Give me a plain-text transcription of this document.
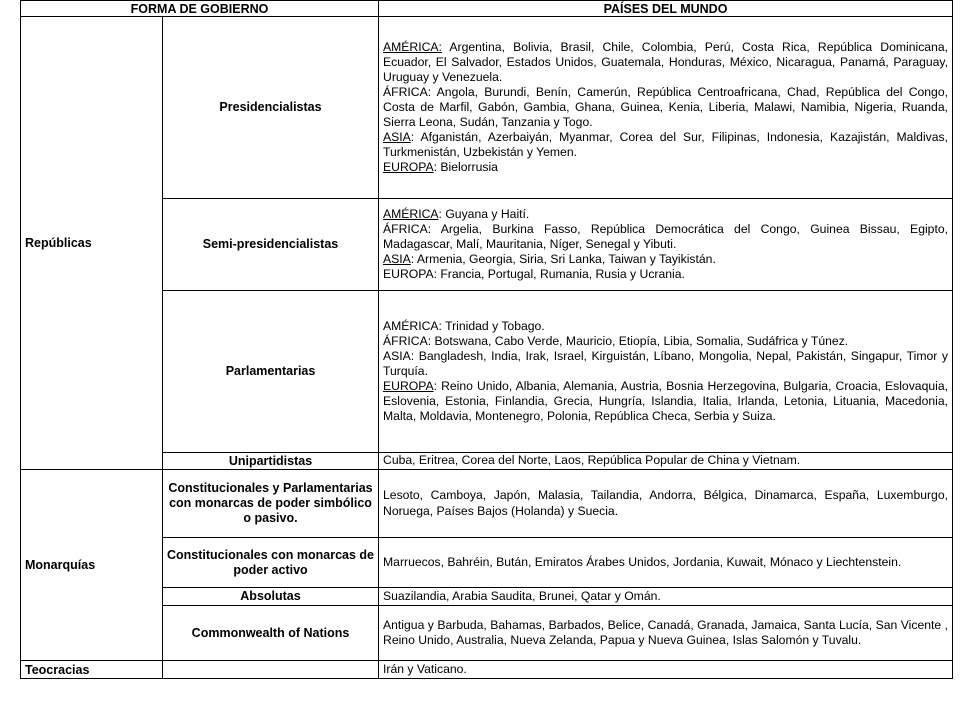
FORMA DE GOBIERNO		PAÍSES DEL MUNDO
Repúblicas	Presidencialistas	AMÉRICA: Argentina, Bolivia, Brasil, Chile, Colombia, Perú, Costa Rica, República Dominicana, Ecuador, El Salvador, Estados Unidos, Guatemala, Honduras, México, Nicaragua, Panamá, Paraguay, Uruguay y Venezuela.

ÁFRICA: Angola, Burundi, Benín, Camerún, República Centroafricana, Chad, República del Congo, Costa de Marfil, Gabón, Gambia, Ghana, Guinea, Kenia, Liberia, Malawi, Namibia, Nigeria, Ruanda, Sierra Leona, Sudán, Tanzania y Togo.

ASIA: Afganistán, Azerbaiyán, Myanmar, Corea del Sur, Filipinas, Indonesia, Kazajistán, Maldivas, Turkmenistán, Uzbekistán y Yemen.

EUROPA: Bielorrusia

	Semi-presidencialistas	AMÉRICA: Guyana y Haití.

ÁFRICA: Argelia, Burkina Fasso, República Democrática del Congo, Guinea Bissau, Egipto, Madagascar, Malí, Mauritania, Níger, Senegal y Yibuti.

ASIA: Armenia, Georgia, Siria, Sri Lanka, Taiwan y Tayikistán.

EUROPA: Francia, Portugal, Rumania, Rusia y Ucrania.

	Parlamentarias	AMÉRICA: Trinidad y Tobago.

ÁFRICA: Botswana, Cabo Verde, Mauricio, Etiopía, Libia, Somalia, Sudáfrica y Túnez.

ASIA: Bangladesh, India, Irak, Israel, Kirguistán, Líbano, Mongolia, Nepal, Pakistán, Singapur, Timor y Turquía.

EUROPA: Reino Unido, Albania, Alemania, Austria, Bosnia Herzegovina, Bulgaria, Croacia, Eslovaquia, Eslovenia, Estonia, Finlandia, Grecia, Hungría, Islandia, Italia, Irlanda, Letonia, Lituania, Macedonia, Malta, Moldavia, Montenegro, Polonia, República Checa, Serbia y Suiza.

	Unipartidistas	Cuba, Eritrea, Corea del Norte, Laos, República Popular de China y Vietnam.
Monarquías	Constitucionales y Parlamentarias con monarcas de poder simbólico o pasivo.	Lesoto, Camboya, Japón, Malasia, Tailandia, Andorra, Bélgica, Dinamarca, España, Luxemburgo, Noruega, Países Bajos (Holanda) y Suecia.
	Constitucionales con monarcas de poder activo	Marruecos, Bahréin, Bután, Emiratos Árabes Unidos, Jordania, Kuwait, Mónaco y Liechtenstein.
	Absolutas	Suazilandia, Arabia Saudita, Brunei, Qatar y Omán.
	Commonwealth of Nations	Antigua y Barbuda, Bahamas, Barbados, Belice, Canadá, Granada, Jamaica, Santa Lucía, San Vicente , Reino Unido, Australia, Nueva Zelanda, Papua y Nueva Guinea, Islas Salomón y Tuvalu.
Teocracias		Irán y Vaticano.
